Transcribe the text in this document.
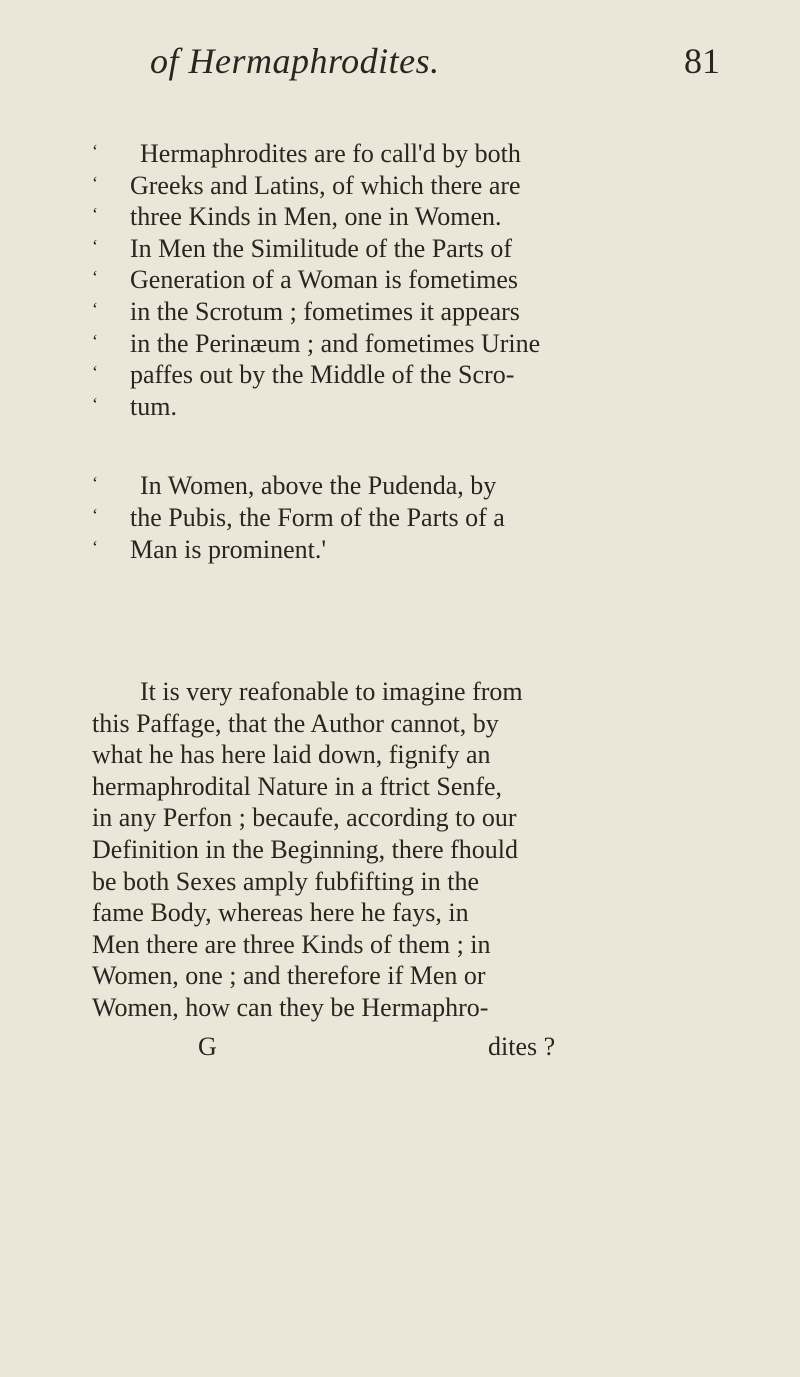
of Hermaphrodites.	81
‘ Hermaphrodites are fo call'd by both
‘ Greeks and Latins, of which there are
‘ three Kinds in Men, one in Women.
‘ In Men the Similitude of the Parts of
‘ Generation of a Woman is fometimes
‘ in the Scrotum ; fometimes it appears
‘ in the Perinæum ; and fometimes Urine
‘ paffes out by the Middle of the Scro-
‘ tum.
‘ In Women, above the Pudenda, by
‘ the Pubis, the Form of the Parts of a
‘ Man is prominent.'
It is very reafonable to imagine from
this Paffage, that the Author cannot, by
what he has here laid down, fignify an
hermaphrodital Nature in a ftrict Senfe,
in any Perfon ; becaufe, according to our
Definition in the Beginning, there fhould
be both Sexes amply fubfifting in the
fame Body, whereas here he fays, in
Men there are three Kinds of them ; in
Women, one ; and therefore if Men or
Women, how can they be Hermaphro-
G	dites ?
